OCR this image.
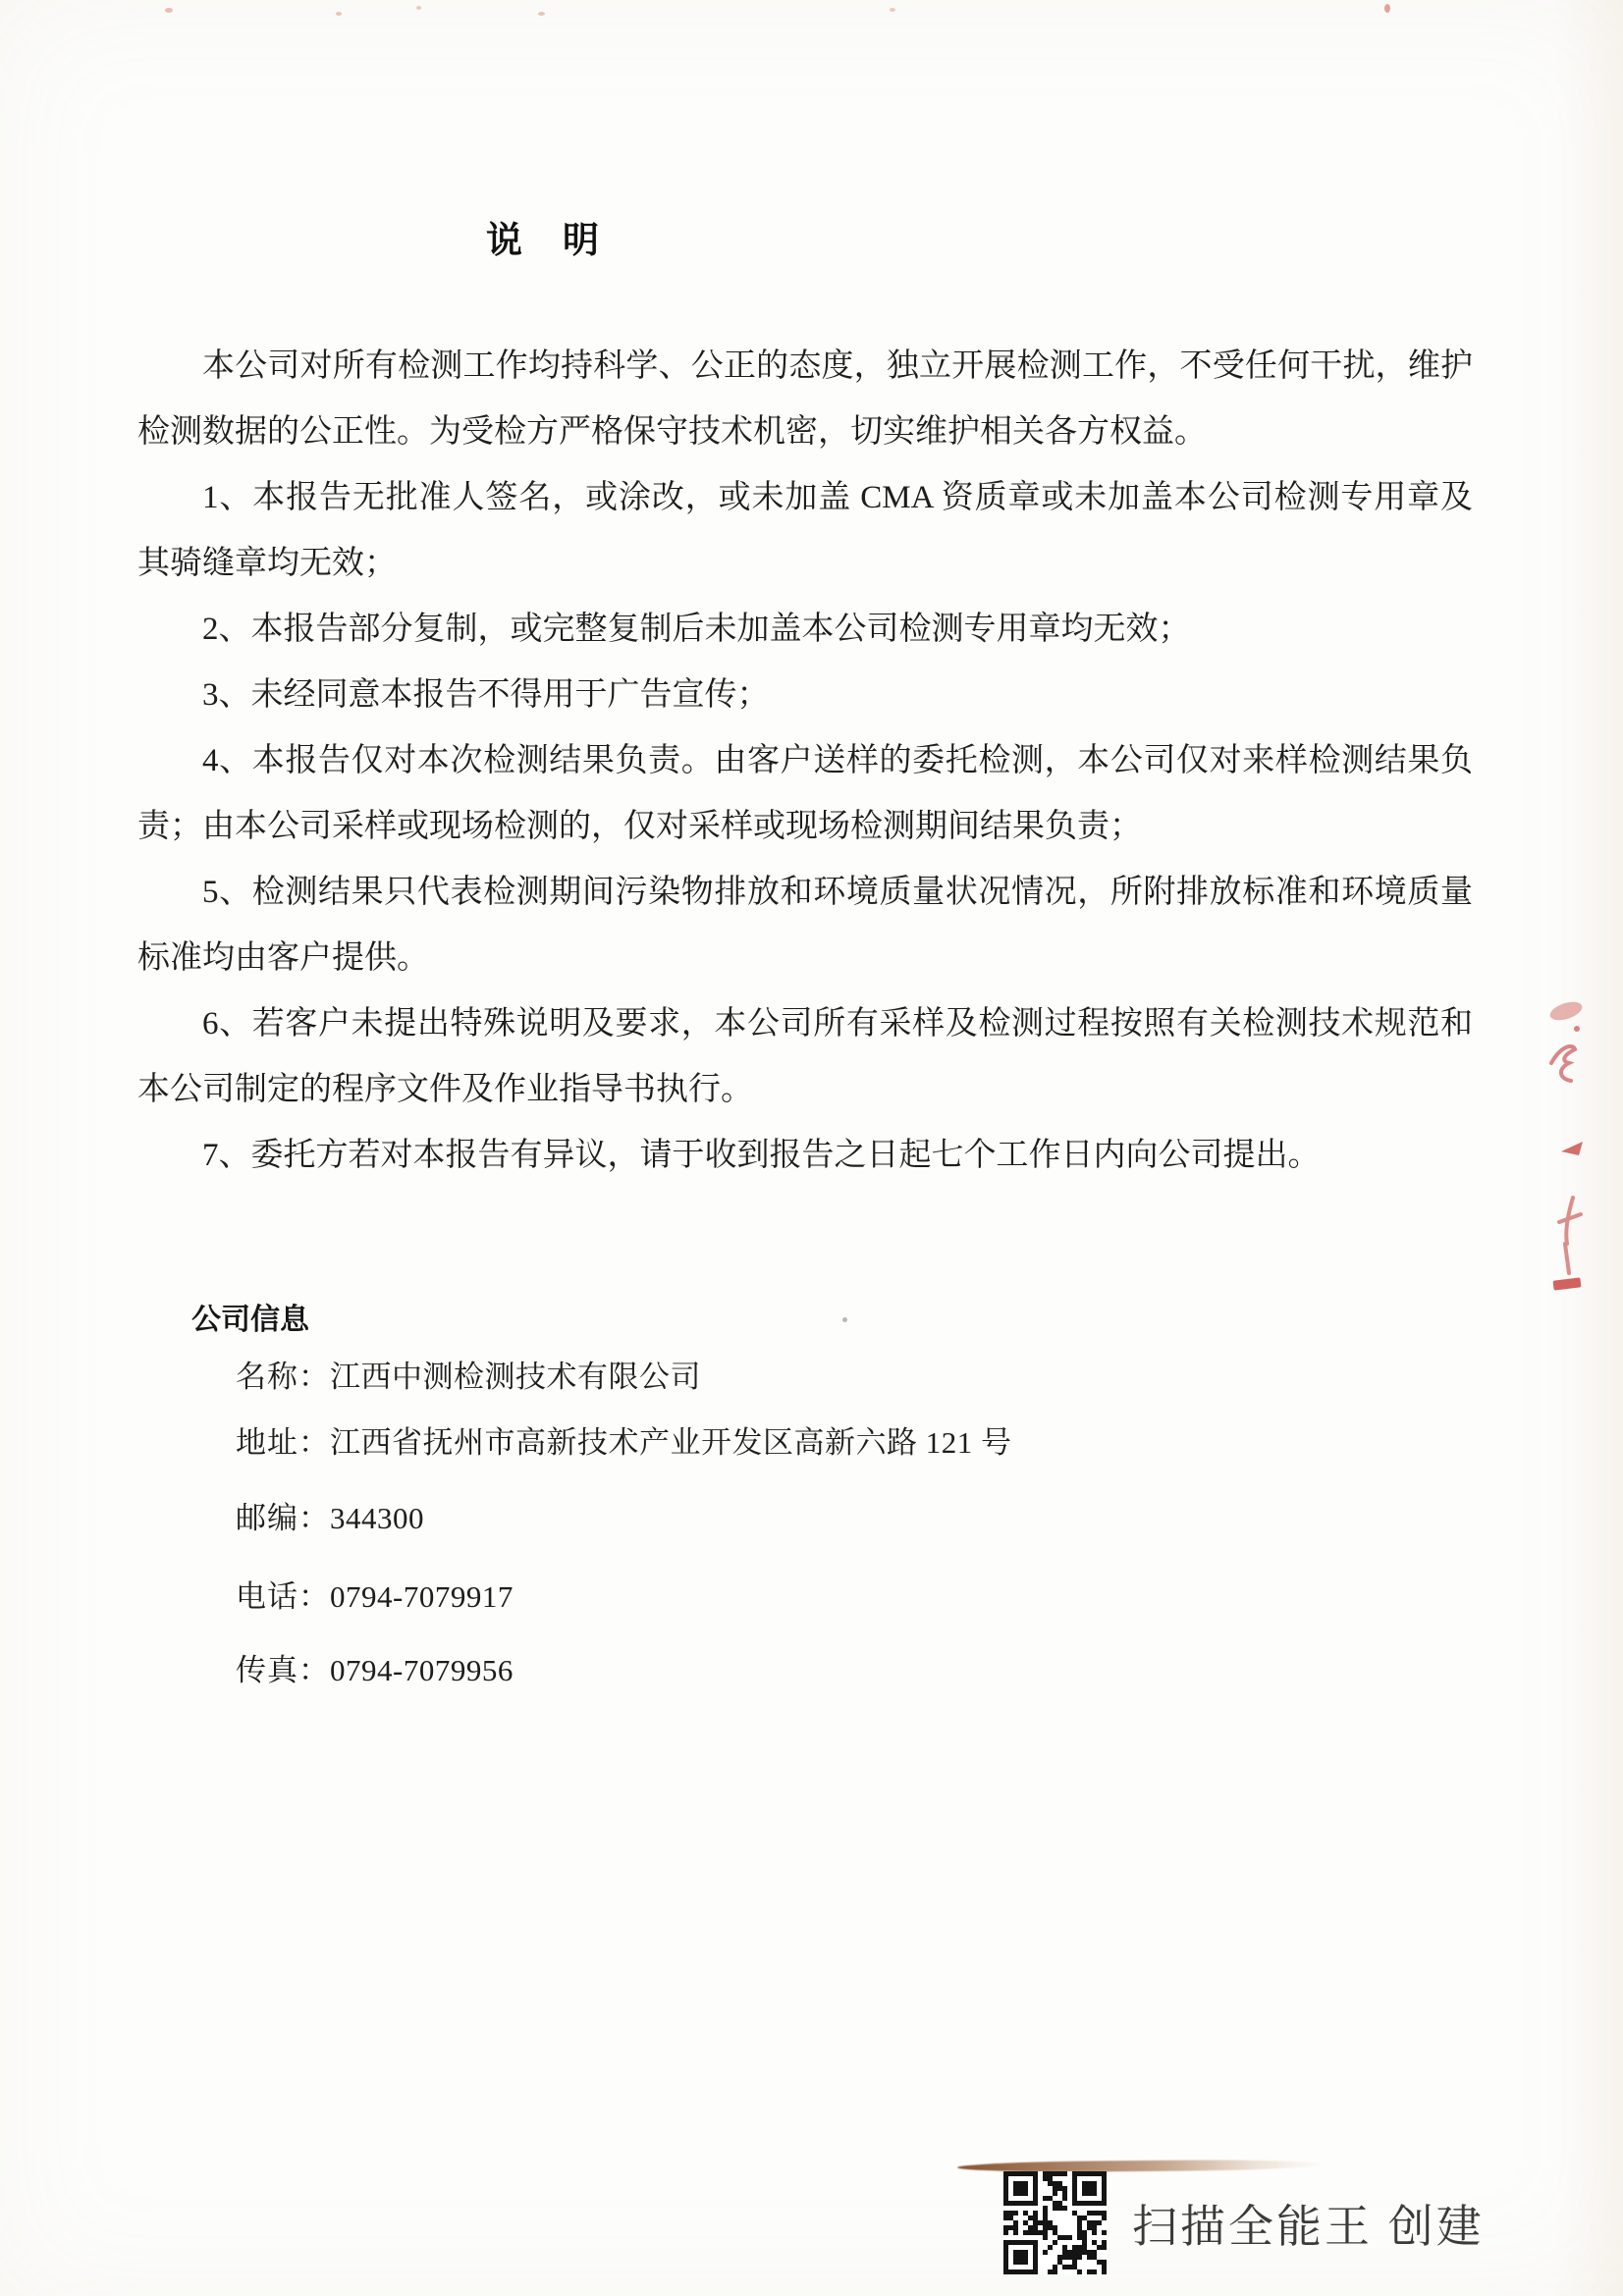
说　明

本公司对所有检测工作均持科学、公正的态度，独立开展检测工作，不受任何干扰，维护检测数据的公正性。为受检方严格保守技术机密，切实维护相关各方权益。

1、本报告无批准人签名，或涂改，或未加盖 CMA 资质章或未加盖本公司检测专用章及其骑缝章均无效；

2、本报告部分复制，或完整复制后未加盖本公司检测专用章均无效；

3、未经同意本报告不得用于广告宣传；

4、本报告仅对本次检测结果负责。由客户送样的委托检测，本公司仅对来样检测结果负责；由本公司采样或现场检测的，仅对采样或现场检测期间结果负责；

5、检测结果只代表检测期间污染物排放和环境质量状况情况，所附排放标准和环境质量标准均由客户提供。

6、若客户未提出特殊说明及要求，本公司所有采样及检测过程按照有关检测技术规范和本公司制定的程序文件及作业指导书执行。

7、委托方若对本报告有异议，请于收到报告之日起七个工作日内向公司提出。

公司信息
名称：江西中测检测技术有限公司
地址：江西省抚州市高新技术产业开发区高新六路 121 号
邮编：344300
电话：0794-7079917
传真：0794-7079956
扫描全能王 创建
